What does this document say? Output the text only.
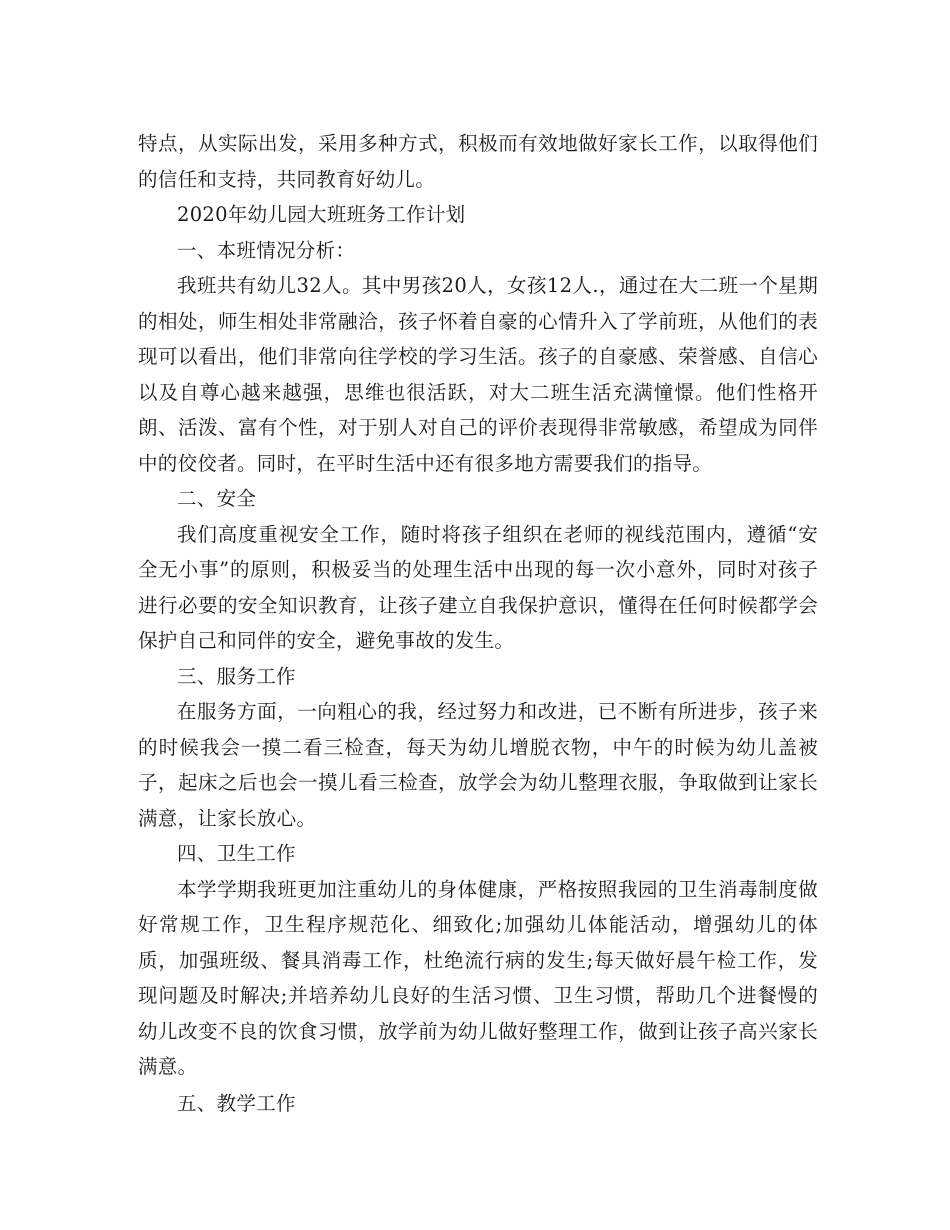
特点，从实际出发，采用多种方式，积极而有效地做好家长工作，以取得他们的信任和支持，共同教育好幼儿。

2020年幼儿园大班班务工作计划

一、本班情况分析：

我班共有幼儿32人。其中男孩20人，女孩12人.，通过在大二班一个星期的相处，师生相处非常融洽，孩子怀着自豪的心情升入了学前班，从他们的表现可以看出，他们非常向往学校的学习生活。孩子的自豪感、荣誉感、自信心以及自尊心越来越强，思维也很活跃，对大二班生活充满憧憬。他们性格开朗、活泼、富有个性，对于别人对自己的评价表现得非常敏感，希望成为同伴中的佼佼者。同时，在平时生活中还有很多地方需要我们的指导。

二、安全

我们高度重视安全工作，随时将孩子组织在老师的视线范围内，遵循“安全无小事”的原则，积极妥当的处理生活中出现的每一次小意外，同时对孩子进行必要的安全知识教育，让孩子建立自我保护意识，懂得在任何时候都学会保护自己和同伴的安全，避免事故的发生。

三、服务工作

在服务方面，一向粗心的我，经过努力和改进，已不断有所进步，孩子来的时候我会一摸二看三检查，每天为幼儿增脱衣物，中午的时候为幼儿盖被子，起床之后也会一摸儿看三检查，放学会为幼儿整理衣服，争取做到让家长满意，让家长放心。

四、卫生工作

本学学期我班更加注重幼儿的身体健康，严格按照我园的卫生消毒制度做好常规工作，卫生程序规范化、细致化;加强幼儿体能活动，增强幼儿的体质，加强班级、餐具消毒工作，杜绝流行病的发生;每天做好晨午检工作，发现问题及时解决;并培养幼儿良好的生活习惯、卫生习惯，帮助几个进餐慢的幼儿改变不良的饮食习惯，放学前为幼儿做好整理工作，做到让孩子高兴家长满意。

五、教学工作
